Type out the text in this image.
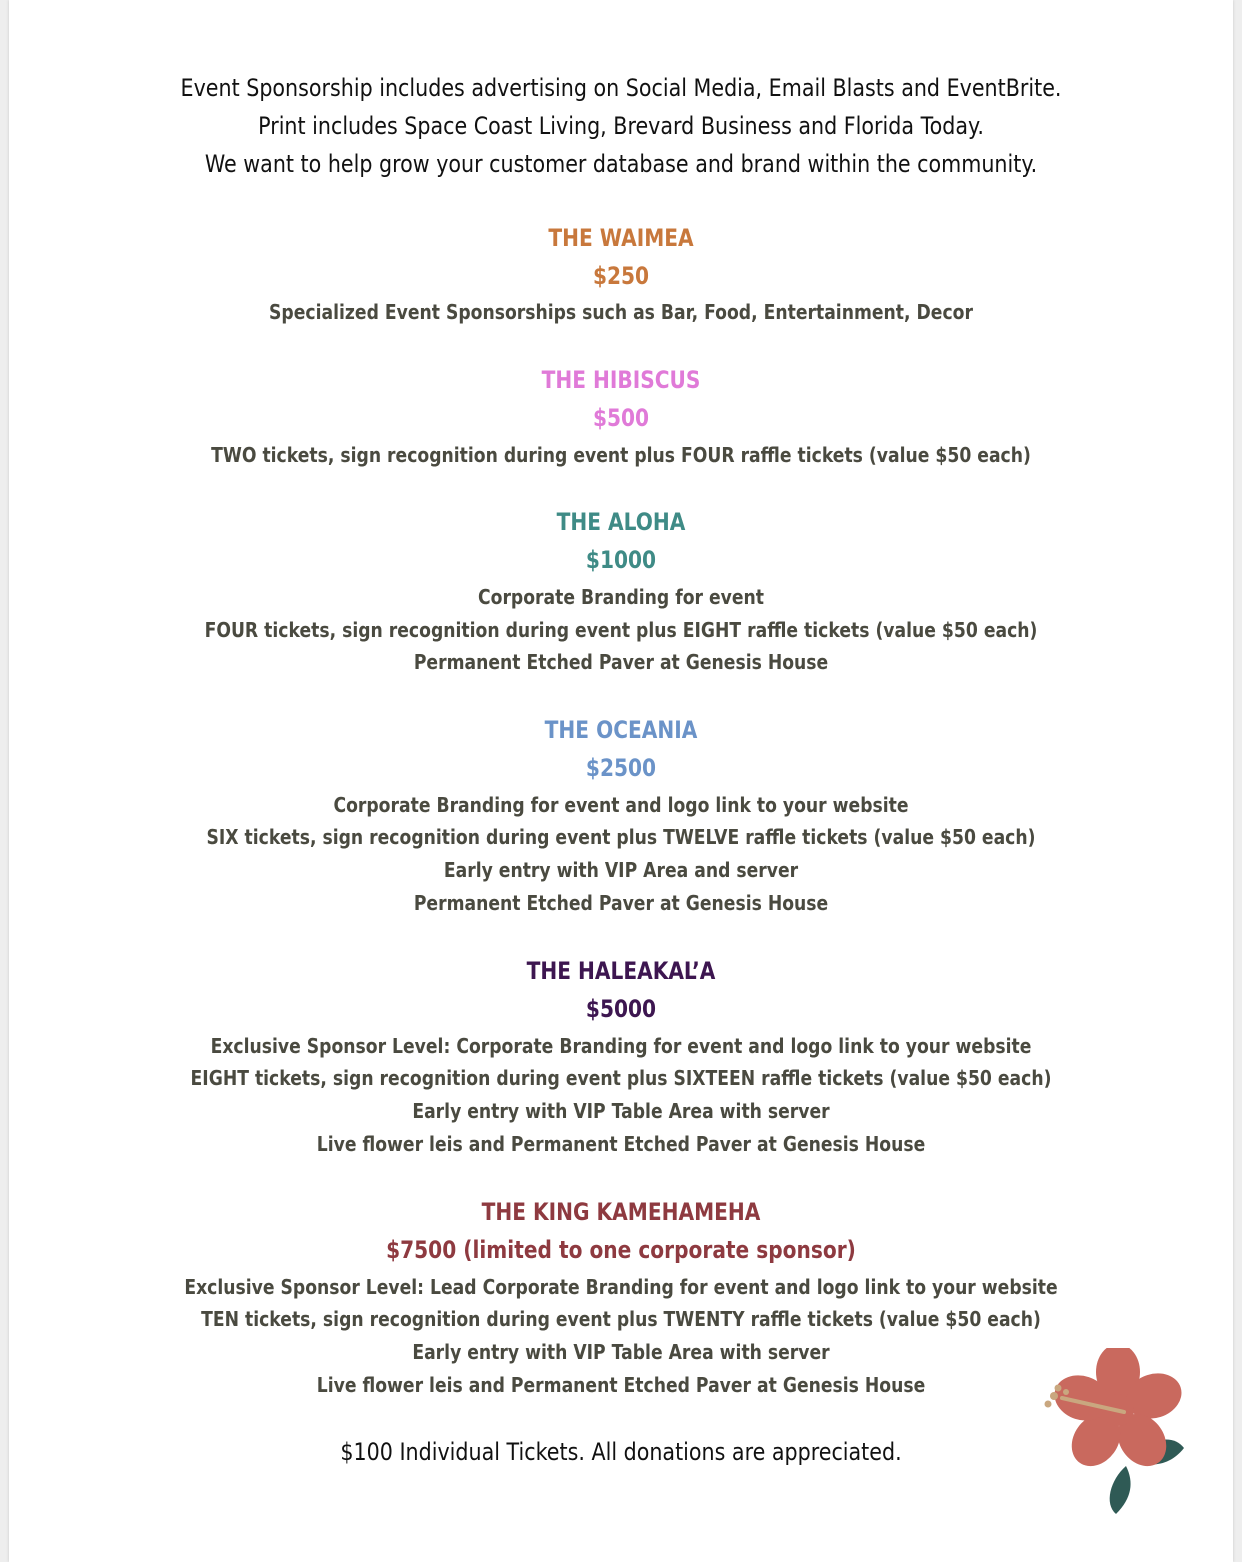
Event Sponsorship includes advertising on Social Media, Email Blasts and EventBrite.
Print includes Space Coast Living, Brevard Business and Florida Today.
We want to help grow your customer database and brand within the community.
THE WAIMEA
$250
Specialized Event Sponsorships such as Bar, Food, Entertainment, Decor
THE HIBISCUS
$500
TWO tickets, sign recognition during event plus FOUR raffle tickets (value $50 each)
THE ALOHA
$1000
Corporate Branding for event
FOUR tickets, sign recognition during event plus EIGHT raffle tickets (value $50 each)
Permanent Etched Paver at Genesis House
THE OCEANIA
$2500
Corporate Branding for event and logo link to your website
SIX tickets, sign recognition during event plus TWELVE raffle tickets (value $50 each)
Early entry with VIP Area and server
Permanent Etched Paver at Genesis House
THE HALEAKAL’A
$5000
Exclusive Sponsor Level: Corporate Branding for event and logo link to your website
EIGHT tickets, sign recognition during event plus SIXTEEN raffle tickets (value $50 each)
Early entry with VIP Table Area with server
Live flower leis and Permanent Etched Paver at Genesis House
THE KING KAMEHAMEHA
$7500 (limited to one corporate sponsor)
Exclusive Sponsor Level: Lead Corporate Branding for event and logo link to your website
TEN tickets, sign recognition during event plus TWENTY raffle tickets (value $50 each)
Early entry with VIP Table Area with server
Live flower leis and Permanent Etched Paver at Genesis House
$100 Individual Tickets. All donations are appreciated.
